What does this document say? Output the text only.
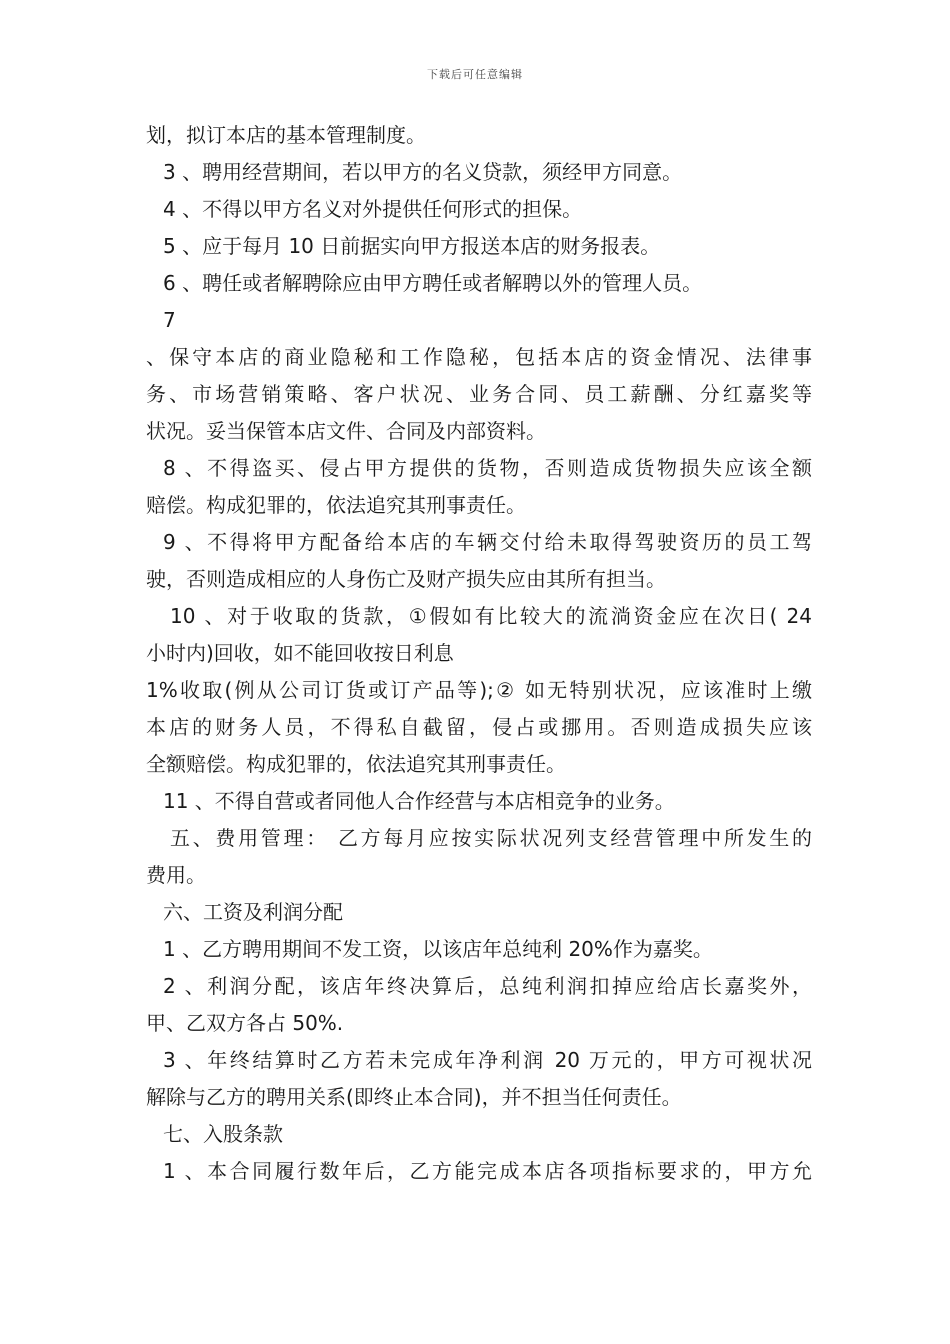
下载后可任意编辑
划，拟订本店的基本管理制度。
3 、聘用经营期间，若以甲方的名义贷款，须经甲方同意。
4 、不得以甲方名义对外提供任何形式的担保。
5 、应于每月 10 日前据实向甲方报送本店的财务报表。
6 、聘任或者解聘除应由甲方聘任或者解聘以外的管理人员。
7
、保守本店的商业隐秘和工作隐秘，包括本店的资金情况、法律事
务、市场营销策略、客户状况、业务合同、员工薪酬、分红嘉奖等
状况。妥当保管本店文件、合同及内部资料。
8 、不得盗买、侵占甲方提供的货物，否则造成货物损失应该全额
赔偿。构成犯罪的，依法追究其刑事责任。
9 、不得将甲方配备给本店的车辆交付给未取得驾驶资历的员工驾
驶，否则造成相应的人身伤亡及财产损失应由其所有担当。
10 、对于收取的货款，①假如有比较大的流淌资金应在次日( 24
小时内)回收，如不能回收按日利息
1%收取(例从公司订货或订产品等);② 如无特别状况，应该准时上缴
本店的财务人员，不得私自截留，侵占或挪用。否则造成损失应该
全额赔偿。构成犯罪的，依法追究其刑事责任。
11 、不得自营或者同他人合作经营与本店相竞争的业务。
五、费用管理： 乙方每月应按实际状况列支经营管理中所发生的
费用。
六、工资及利润分配
1 、乙方聘用期间不发工资，以该店年总纯利 20%作为嘉奖。
2 、利润分配，该店年终决算后，总纯利润扣掉应给店长嘉奖外，
甲、乙双方各占 50%.
3 、年终结算时乙方若未完成年净利润 20 万元的，甲方可视状况
解除与乙方的聘用关系(即终止本合同)，并不担当任何责任。
七、入股条款
1 、本合同履行数年后，乙方能完成本店各项指标要求的，甲方允
